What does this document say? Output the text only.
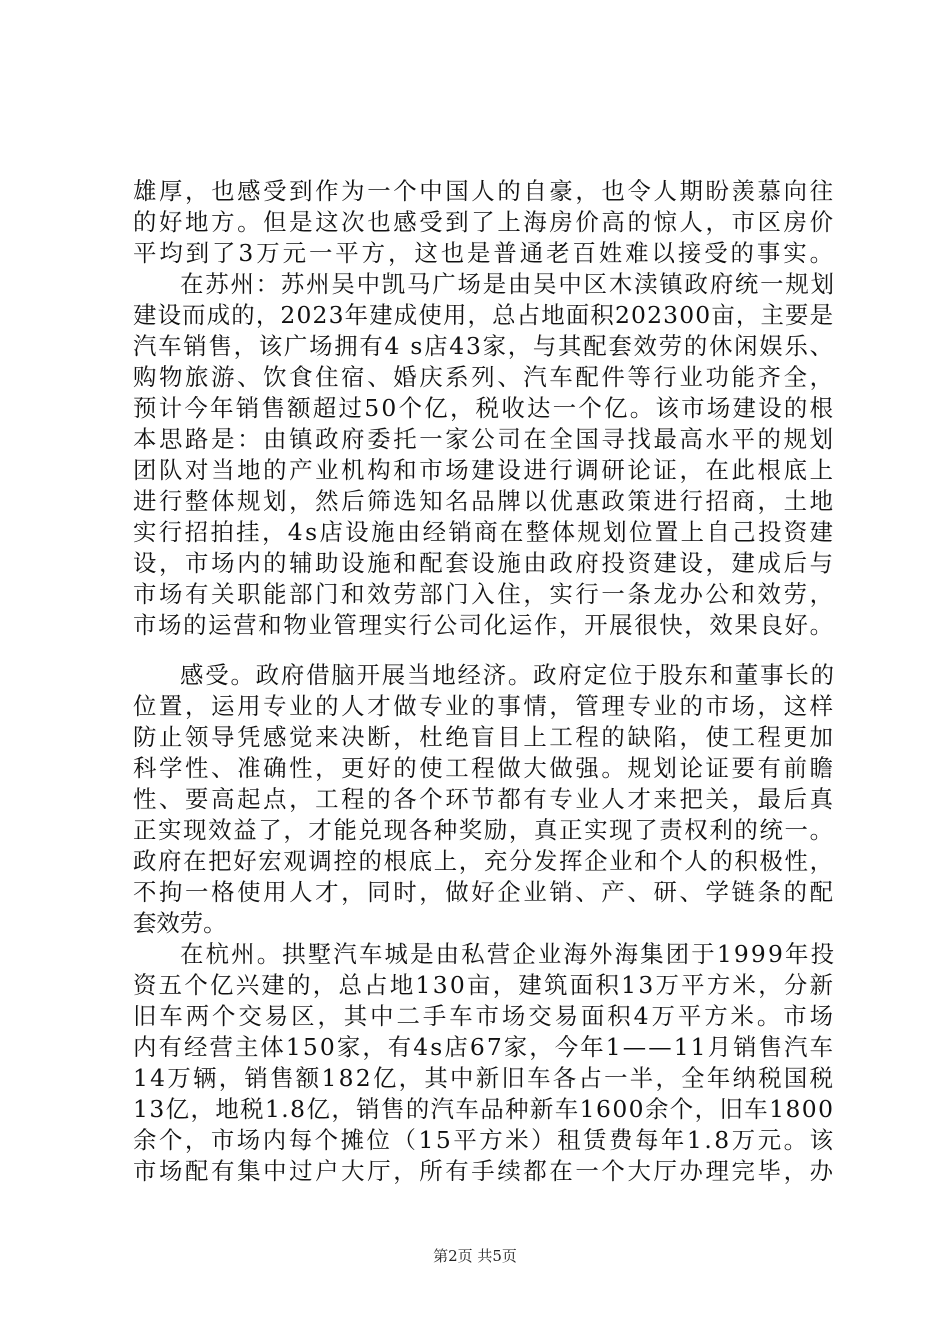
雄厚，也感受到作为一个中国人的自豪，也令人期盼羡慕向往
的好地方。但是这次也感受到了上海房价高的惊人，市区房价
平均到了3万元一平方，这也是普通老百姓难以接受的事实。
在苏州：苏州吴中凯马广场是由吴中区木渎镇政府统一规划
建设而成的，2023年建成使用，总占地面积202300亩，主要是
汽车销售，该广场拥有4 s店43家，与其配套效劳的休闲娱乐、
购物旅游、饮食住宿、婚庆系列、汽车配件等行业功能齐全，
预计今年销售额超过50个亿，税收达一个亿。该市场建设的根
本思路是：由镇政府委托一家公司在全国寻找最高水平的规划
团队对当地的产业机构和市场建设进行调研论证，在此根底上
进行整体规划，然后筛选知名品牌以优惠政策进行招商，土地
实行招拍挂，4s店设施由经销商在整体规划位置上自己投资建
设，市场内的辅助设施和配套设施由政府投资建设，建成后与
市场有关职能部门和效劳部门入住，实行一条龙办公和效劳，
市场的运营和物业管理实行公司化运作，开展很快，效果良好。
感受。政府借脑开展当地经济。政府定位于股东和董事长的
位置，运用专业的人才做专业的事情，管理专业的市场，这样
防止领导凭感觉来决断，杜绝盲目上工程的缺陷，使工程更加
科学性、准确性，更好的使工程做大做强。规划论证要有前瞻
性、要高起点，工程的各个环节都有专业人才来把关，最后真
正实现效益了，才能兑现各种奖励，真正实现了责权利的统一。
政府在把好宏观调控的根底上，充分发挥企业和个人的积极性，
不拘一格使用人才，同时，做好企业销、产、研、学链条的配
套效劳。
在杭州。拱墅汽车城是由私营企业海外海集团于1999年投
资五个亿兴建的，总占地130亩，建筑面积13万平方米，分新
旧车两个交易区，其中二手车市场交易面积4万平方米。市场
内有经营主体150家，有4s店67家，今年1——11月销售汽车
14万辆，销售额182亿，其中新旧车各占一半，全年纳税国税
13亿，地税1.8亿，销售的汽车品种新车1600余个，旧车1800
余个，市场内每个摊位（15平方米）租赁费每年1.8万元。该
市场配有集中过户大厅，所有手续都在一个大厅办理完毕，办
第2页 共5页
